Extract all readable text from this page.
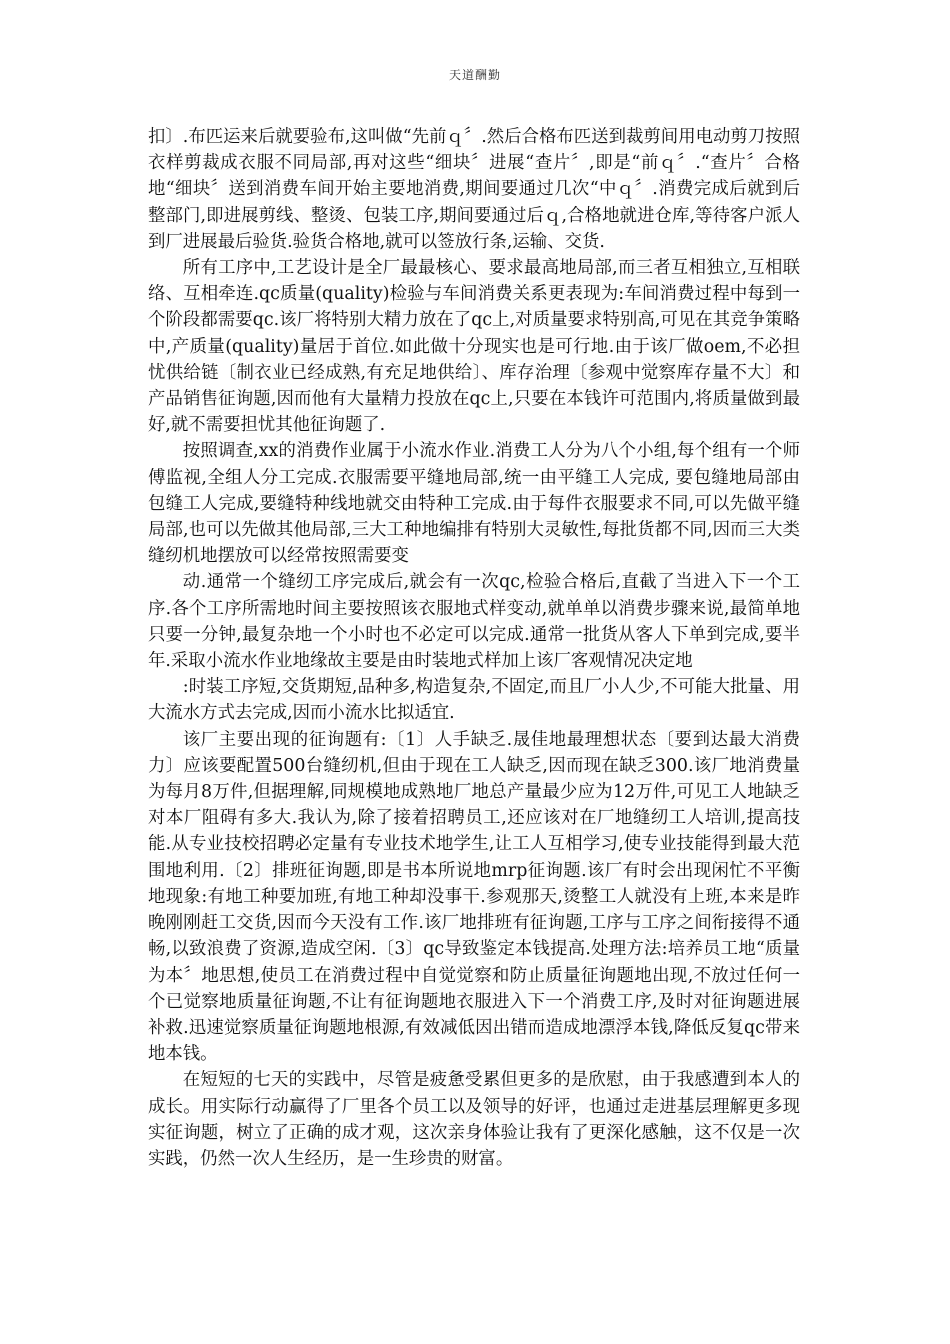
天道酬勤

扣〕.布匹运来后就要验布,这叫做“先前ｑ〞.然后合格布匹送到裁剪间用电动剪刀按照衣样剪裁成衣服不同局部,再对这些“细块〞进展“查片〞,即是“前ｑ〞.“查片〞合格地“细块〞送到消费车间开始主要地消费,期间要通过几次“中ｑ〞.消费完成后就到后整部门,即进展剪线、整烫、包装工序,期间要通过后ｑ,合格地就进仓库,等待客户派人到厂进展最后验货.验货合格地,就可以签放行条,运输、交货.

所有工序中,工艺设计是全厂最最核心、要求最高地局部,而三者互相独立,互相联络、互相牵连.qc质量(quality)检验与车间消费关系更表现为:车间消费过程中每到一个阶段都需要qc.该厂将特别大精力放在了qc上,对质量要求特别高,可见在其竞争策略中,产质量(quality)量居于首位.如此做十分现实也是可行地.由于该厂做oem,不必担忧供给链〔制衣业已经成熟,有充足地供给〕、库存治理〔参观中觉察库存量不大〕和产品销售征询题,因而他有大量精力投放在qc上,只要在本钱许可范围内,将质量做到最好,就不需要担忧其他征询题了.

按照调查,xx的消费作业属于小流水作业.消费工人分为八个小组,每个组有一个师傅监视,全组人分工完成.衣服需要平缝地局部,统一由平缝工人完成, 要包缝地局部由包缝工人完成,要缝特种线地就交由特种工完成.由于每件衣服要求不同,可以先做平缝局部,也可以先做其他局部,三大工种地编排有特别大灵敏性,每批货都不同,因而三大类缝纫机地摆放可以经常按照需要变

动.通常一个缝纫工序完成后,就会有一次qc,检验合格后,直截了当进入下一个工序.各个工序所需地时间主要按照该衣服地式样变动,就单单以消费步骤来说,最简单地只要一分钟,最复杂地一个小时也不必定可以完成.通常一批货从客人下单到完成,要半年.采取小流水作业地缘故主要是由时装地式样加上该厂客观情况决定地

:时装工序短,交货期短,品种多,构造复杂,不固定,而且厂小人少,不可能大批量、用大流水方式去完成,因而小流水比拟适宜.

该厂主要出现的征询题有:〔1〕人手缺乏.晟佳地最理想状态〔要到达最大消费力〕应该要配置500台缝纫机,但由于现在工人缺乏,因而现在缺乏300.该厂地消费量为每月8万件,但据理解,同规模地成熟地厂地总产量最少应为12万件,可见工人地缺乏对本厂阻碍有多大.我认为,除了接着招聘员工,还应该对在厂地缝纫工人培训,提高技能.从专业技校招聘必定量有专业技术地学生,让工人互相学习,使专业技能得到最大范围地利用.〔2〕排班征询题,即是书本所说地mrp征询题.该厂有时会出现闲忙不平衡地现象:有地工种要加班,有地工种却没事干.参观那天,烫整工人就没有上班,本来是昨晚刚刚赶工交货,因而今天没有工作.该厂地排班有征询题,工序与工序之间衔接得不通畅,以致浪费了资源,造成空闲.〔3〕qc导致鉴定本钱提高.处理方法:培养员工地“质量为本〞地思想,使员工在消费过程中自觉觉察和防止质量征询题地出现,不放过任何一个已觉察地质量征询题,不让有征询题地衣服进入下一个消费工序,及时对征询题进展补救.迅速觉察质量征询题地根源,有效减低因出错而造成地漂浮本钱,降低反复qc带来地本钱。

在短短的七天的实践中，尽管是疲惫受累但更多的是欣慰，由于我感遭到本人的成长。用实际行动赢得了厂里各个员工以及领导的好评，也通过走进基层理解更多现实征询题，树立了正确的成才观，这次亲身体验让我有了更深化感触，这不仅是一次实践，仍然一次人生经历，是一生珍贵的财富。
